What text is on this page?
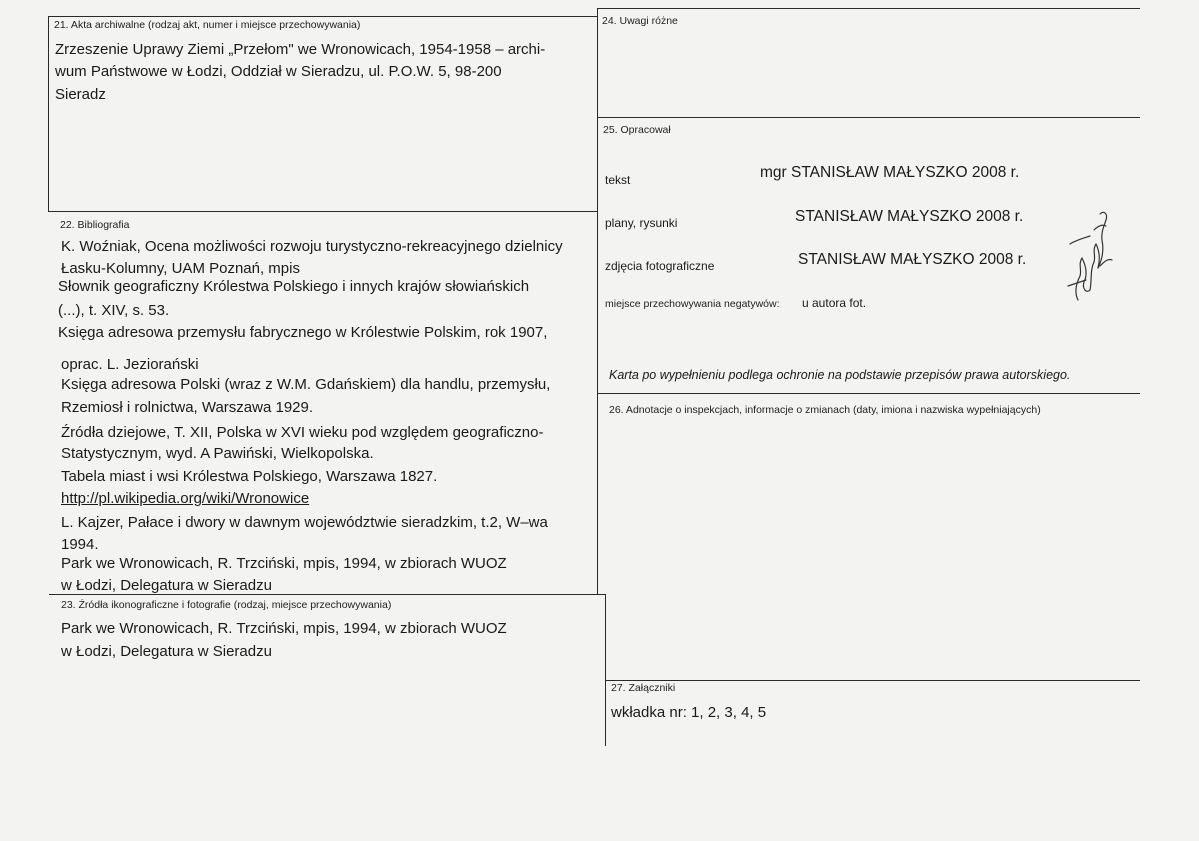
21. Akta archiwalne (rodzaj akt, numer i miejsce przechowywania)
Zrzeszenie Uprawy Ziemi „Przełom" we Wronowicach, 1954-1958 – archi-
wum Państwowe w Łodzi, Oddział w Sieradzu, ul. P.O.W. 5, 98-200
Sieradz
22. Bibliografia
K. Woźniak, Ocena możliwości rozwoju turystyczno-rekreacyjnego dzielnicy
Łasku-Kolumny, UAM Poznań, mpis
Słownik geograficzny Królestwa Polskiego i innych krajów słowiańskich
(...), t. XIV, s. 53.
Księga adresowa przemysłu fabrycznego w Królestwie Polskim, rok 1907,
oprac. L. Jeziorański
Księga adresowa Polski (wraz z W.M. Gdańskiem) dla handlu, przemysłu,
Rzemiosł i rolnictwa, Warszawa 1929.
Źródła dziejowe, T. XII, Polska w XVI wieku pod względem geograficzno-
Statystycznym, wyd. A Pawiński, Wielkopolska.
Tabela miast i wsi Królestwa Polskiego, Warszawa 1827.
http://pl.wikipedia.org/wiki/Wronowice
L. Kajzer, Pałace i dwory w dawnym województwie sieradzkim, t.2, W–wa
1994.
Park we Wronowicach, R. Trzciński, mpis, 1994, w zbiorach WUOZ
w Łodzi, Delegatura w Sieradzu
23. Źródła ikonograficzne i fotografie (rodzaj, miejsce przechowywania)
Park we Wronowicach, R. Trzciński, mpis, 1994, w zbiorach WUOZ
w Łodzi, Delegatura w Sieradzu
24. Uwagi różne
25. Opracował
tekst	mgr STANISŁAW MAŁYSZKO 2008 r.
plany, rysunki	STANISŁAW MAŁYSZKO 2008 r.
zdjęcia fotograficzne	STANISŁAW MAŁYSZKO 2008 r.
miejsce przechowywania negatywów: u autora fot.
Karta po wypełnieniu podlega ochronie na podstawie przepisów prawa autorskiego.
26. Adnotacje o inspekcjach, informacje o zmianach (daty, imiona i nazwiska wypełniających)
27. Załączniki
wkładka nr: 1, 2, 3, 4, 5
